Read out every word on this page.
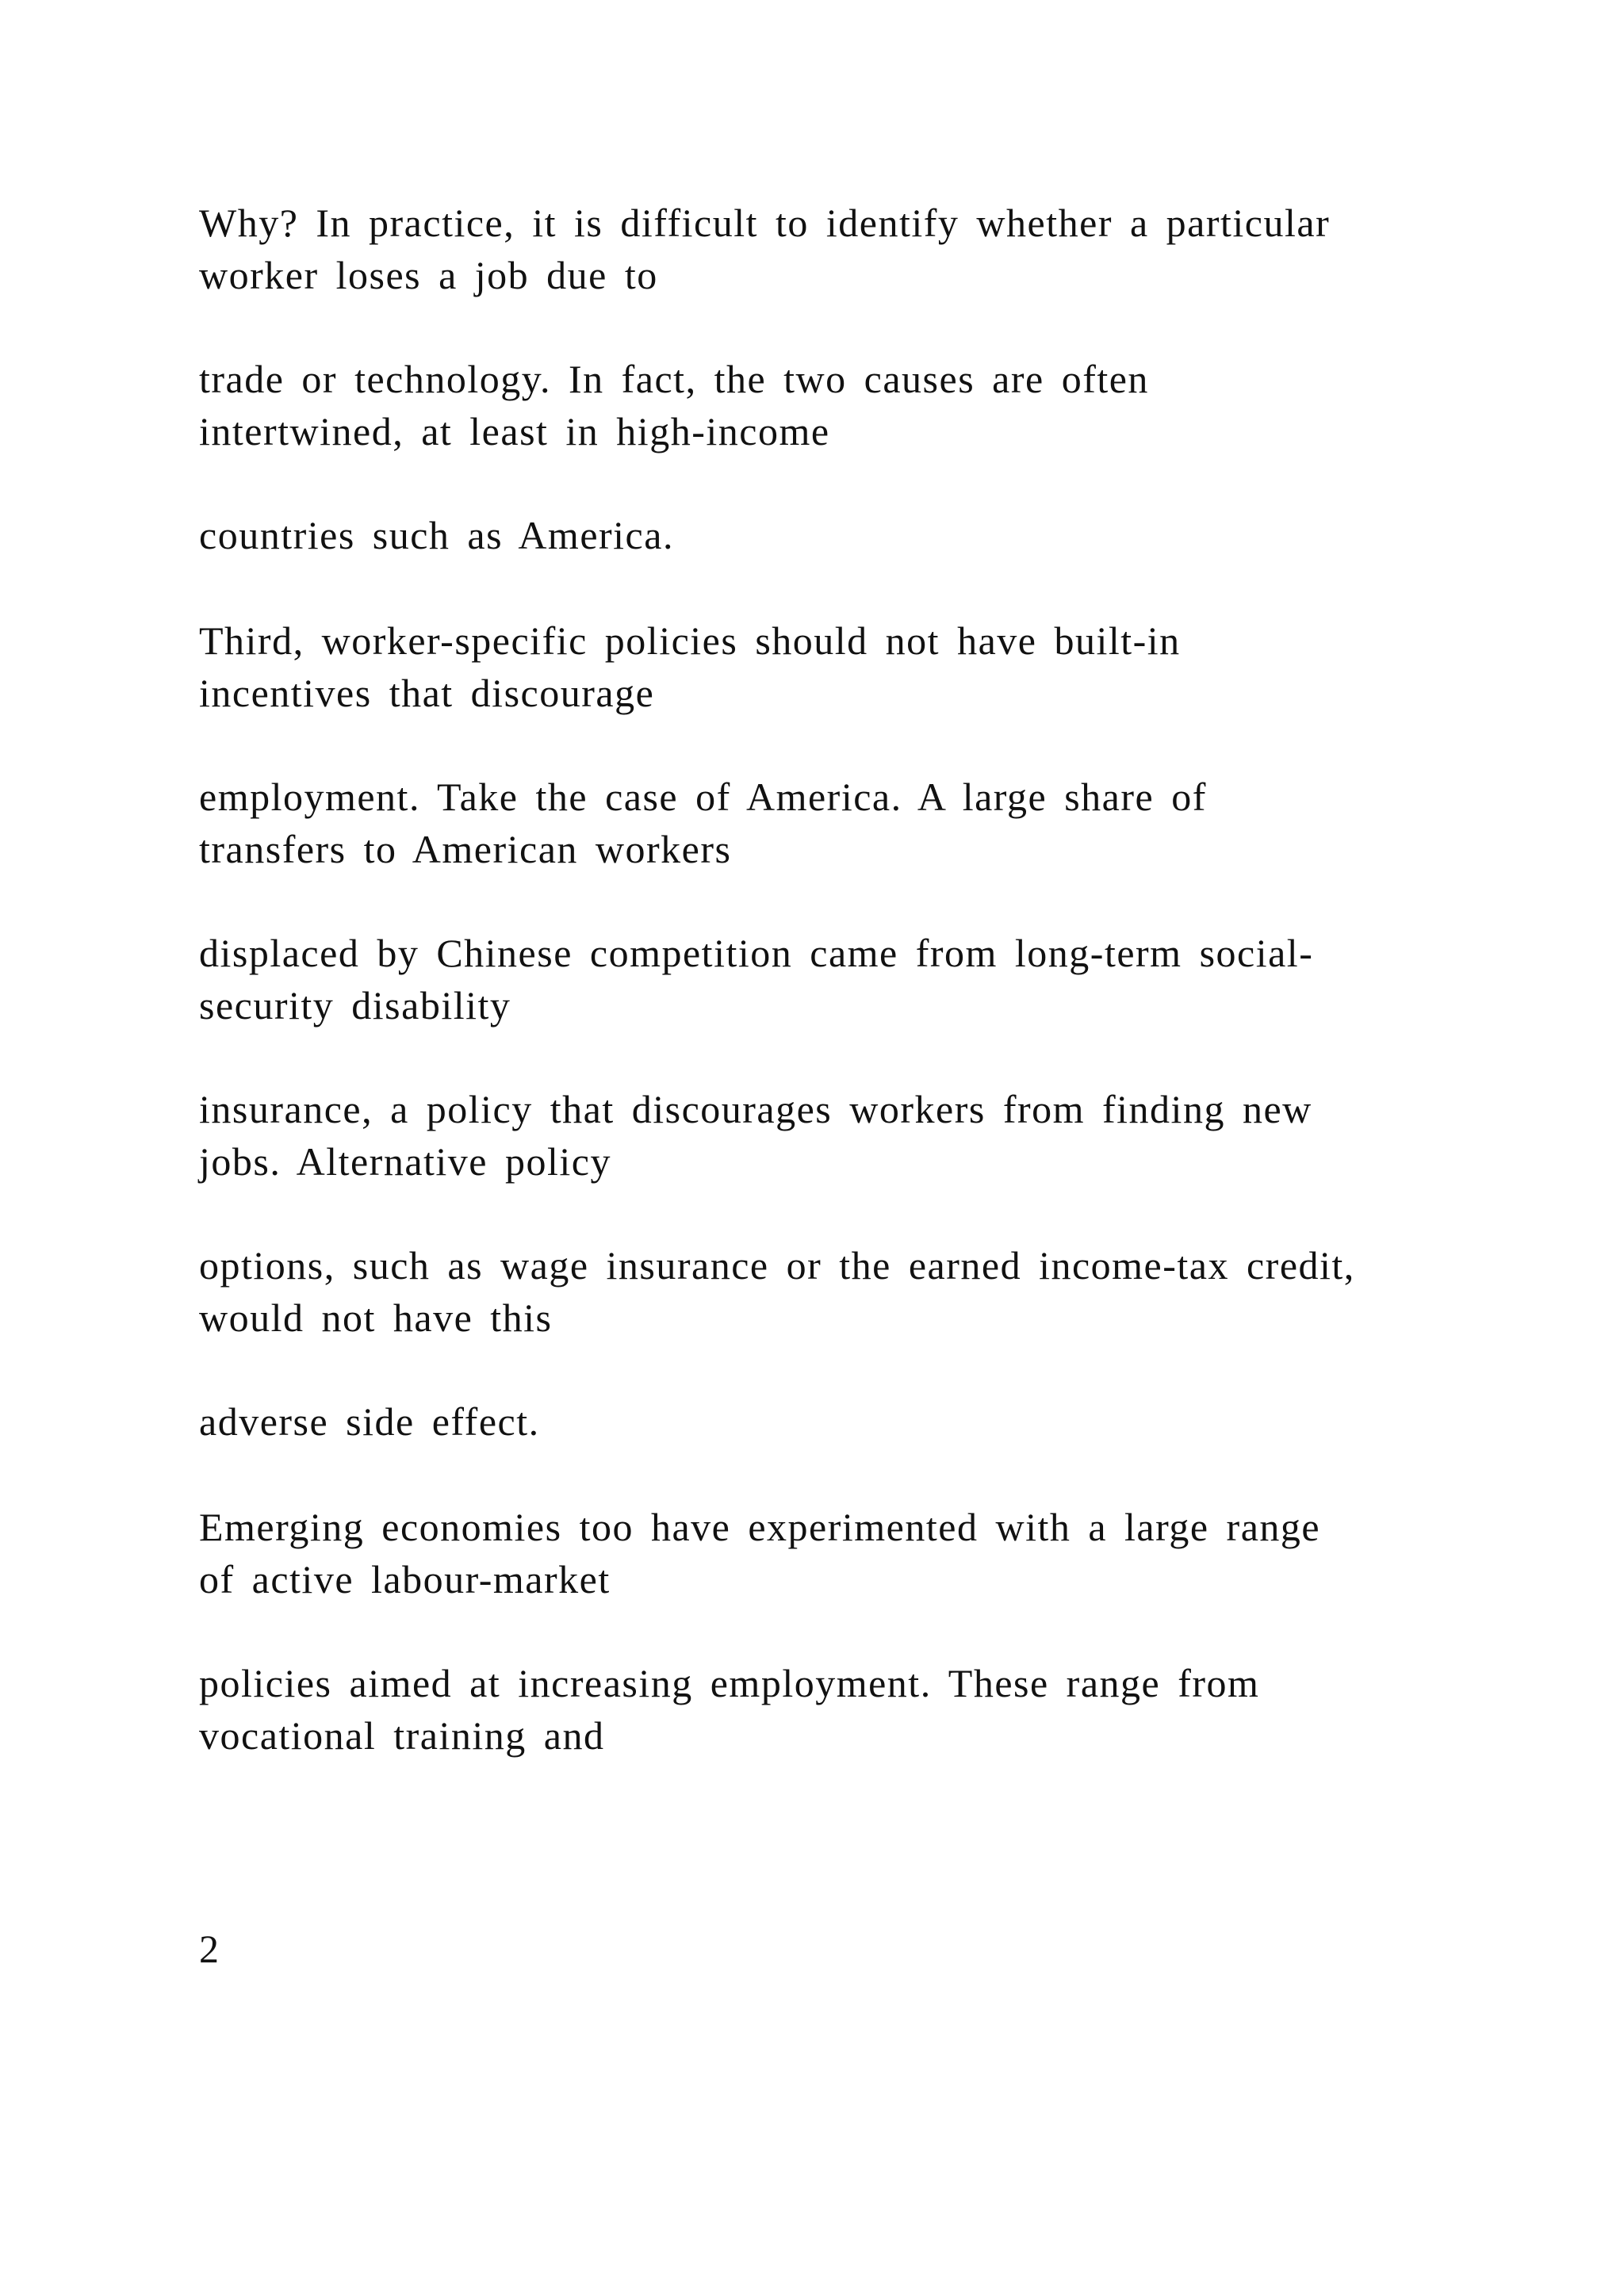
Why? In practice, it is difficult to identify whether a particular
worker loses a job due to

trade or technology. In fact, the two causes are often
intertwined, at least in high-income

countries such as America.

Third, worker-specific policies should not have built-in
incentives that discourage

employment. Take the case of America. A large share of
transfers to American workers

displaced by Chinese competition came from long-term social-
security disability

insurance, a policy that discourages workers from finding new
jobs. Alternative policy

options, such as wage insurance or the earned income-tax credit,
would not have this

adverse side effect.

Emerging economies too have experimented with a large range
of active labour-market

policies aimed at increasing employment. These range from
vocational training and

2
